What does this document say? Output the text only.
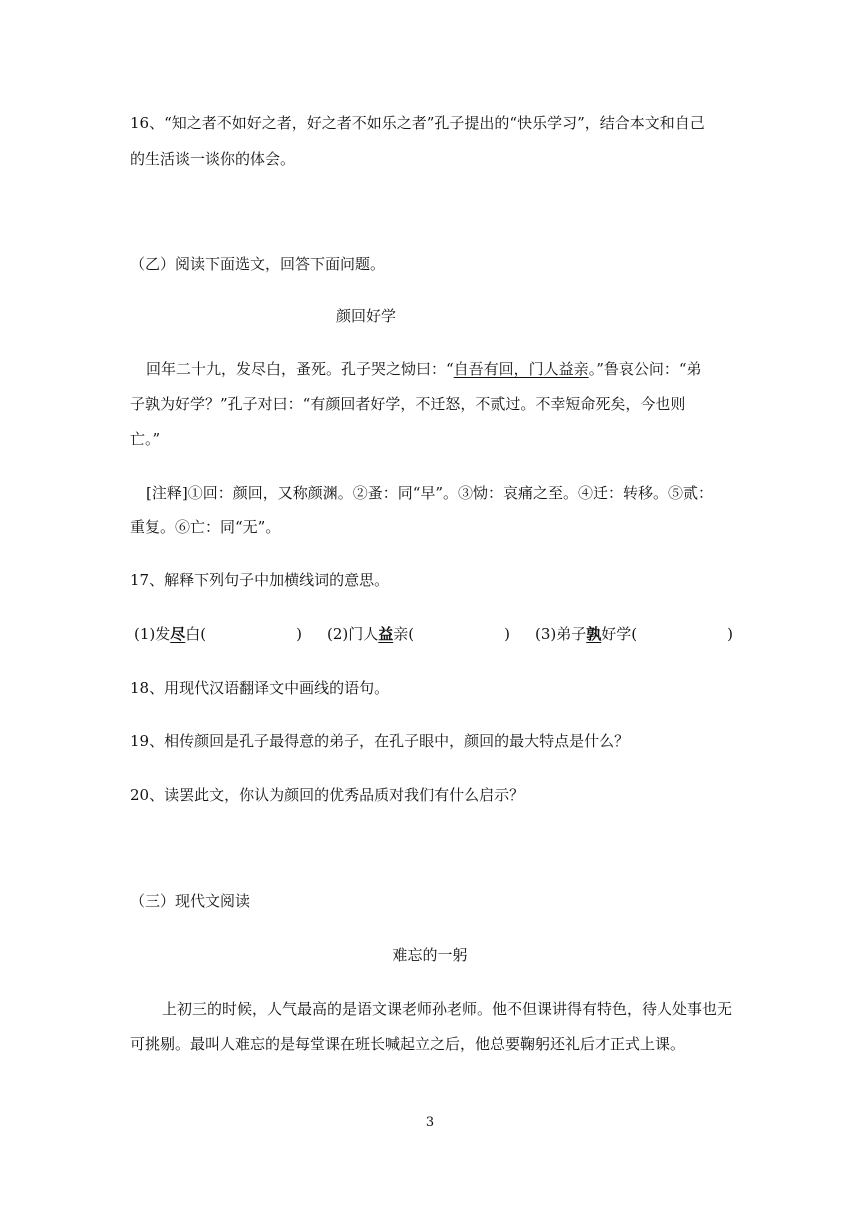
16、“知之者不如好之者，好之者不如乐之者”孔子提出的“快乐学习”，结合本文和自己
的生活谈一谈你的体会。
（乙）阅读下面选文，回答下面问题。
颜回好学
回年二十九，发尽白，蚤死。孔子哭之恸曰：“自吾有回，门人益亲。”鲁哀公问：“弟
子孰为好学？”孔子对曰：“有颜回者好学，不迁怒，不贰过。不幸短命死矣，今也则
亡。”
[注释]①回：颜回，又称颜渊。②蚤：同“早”。③恸：哀痛之至。④迁：转移。⑤贰：
重复。⑥亡：同“无”。
17、解释下列句子中加横线词的意思。
(1)发尽白(	) (2)门人益亲(	) (3)弟子孰好学(	)
18、用现代汉语翻译文中画线的语句。
19、相传颜回是孔子最得意的弟子，在孔子眼中，颜回的最大特点是什么？
20、读罢此文，你认为颜回的优秀品质对我们有什么启示？
（三）现代文阅读
难忘的一躬
上初三的时候，人气最高的是语文课老师孙老师。他不但课讲得有特色，待人处事也无
可挑剔。最叫人难忘的是每堂课在班长喊起立之后，他总要鞠躬还礼后才正式上课。
3
